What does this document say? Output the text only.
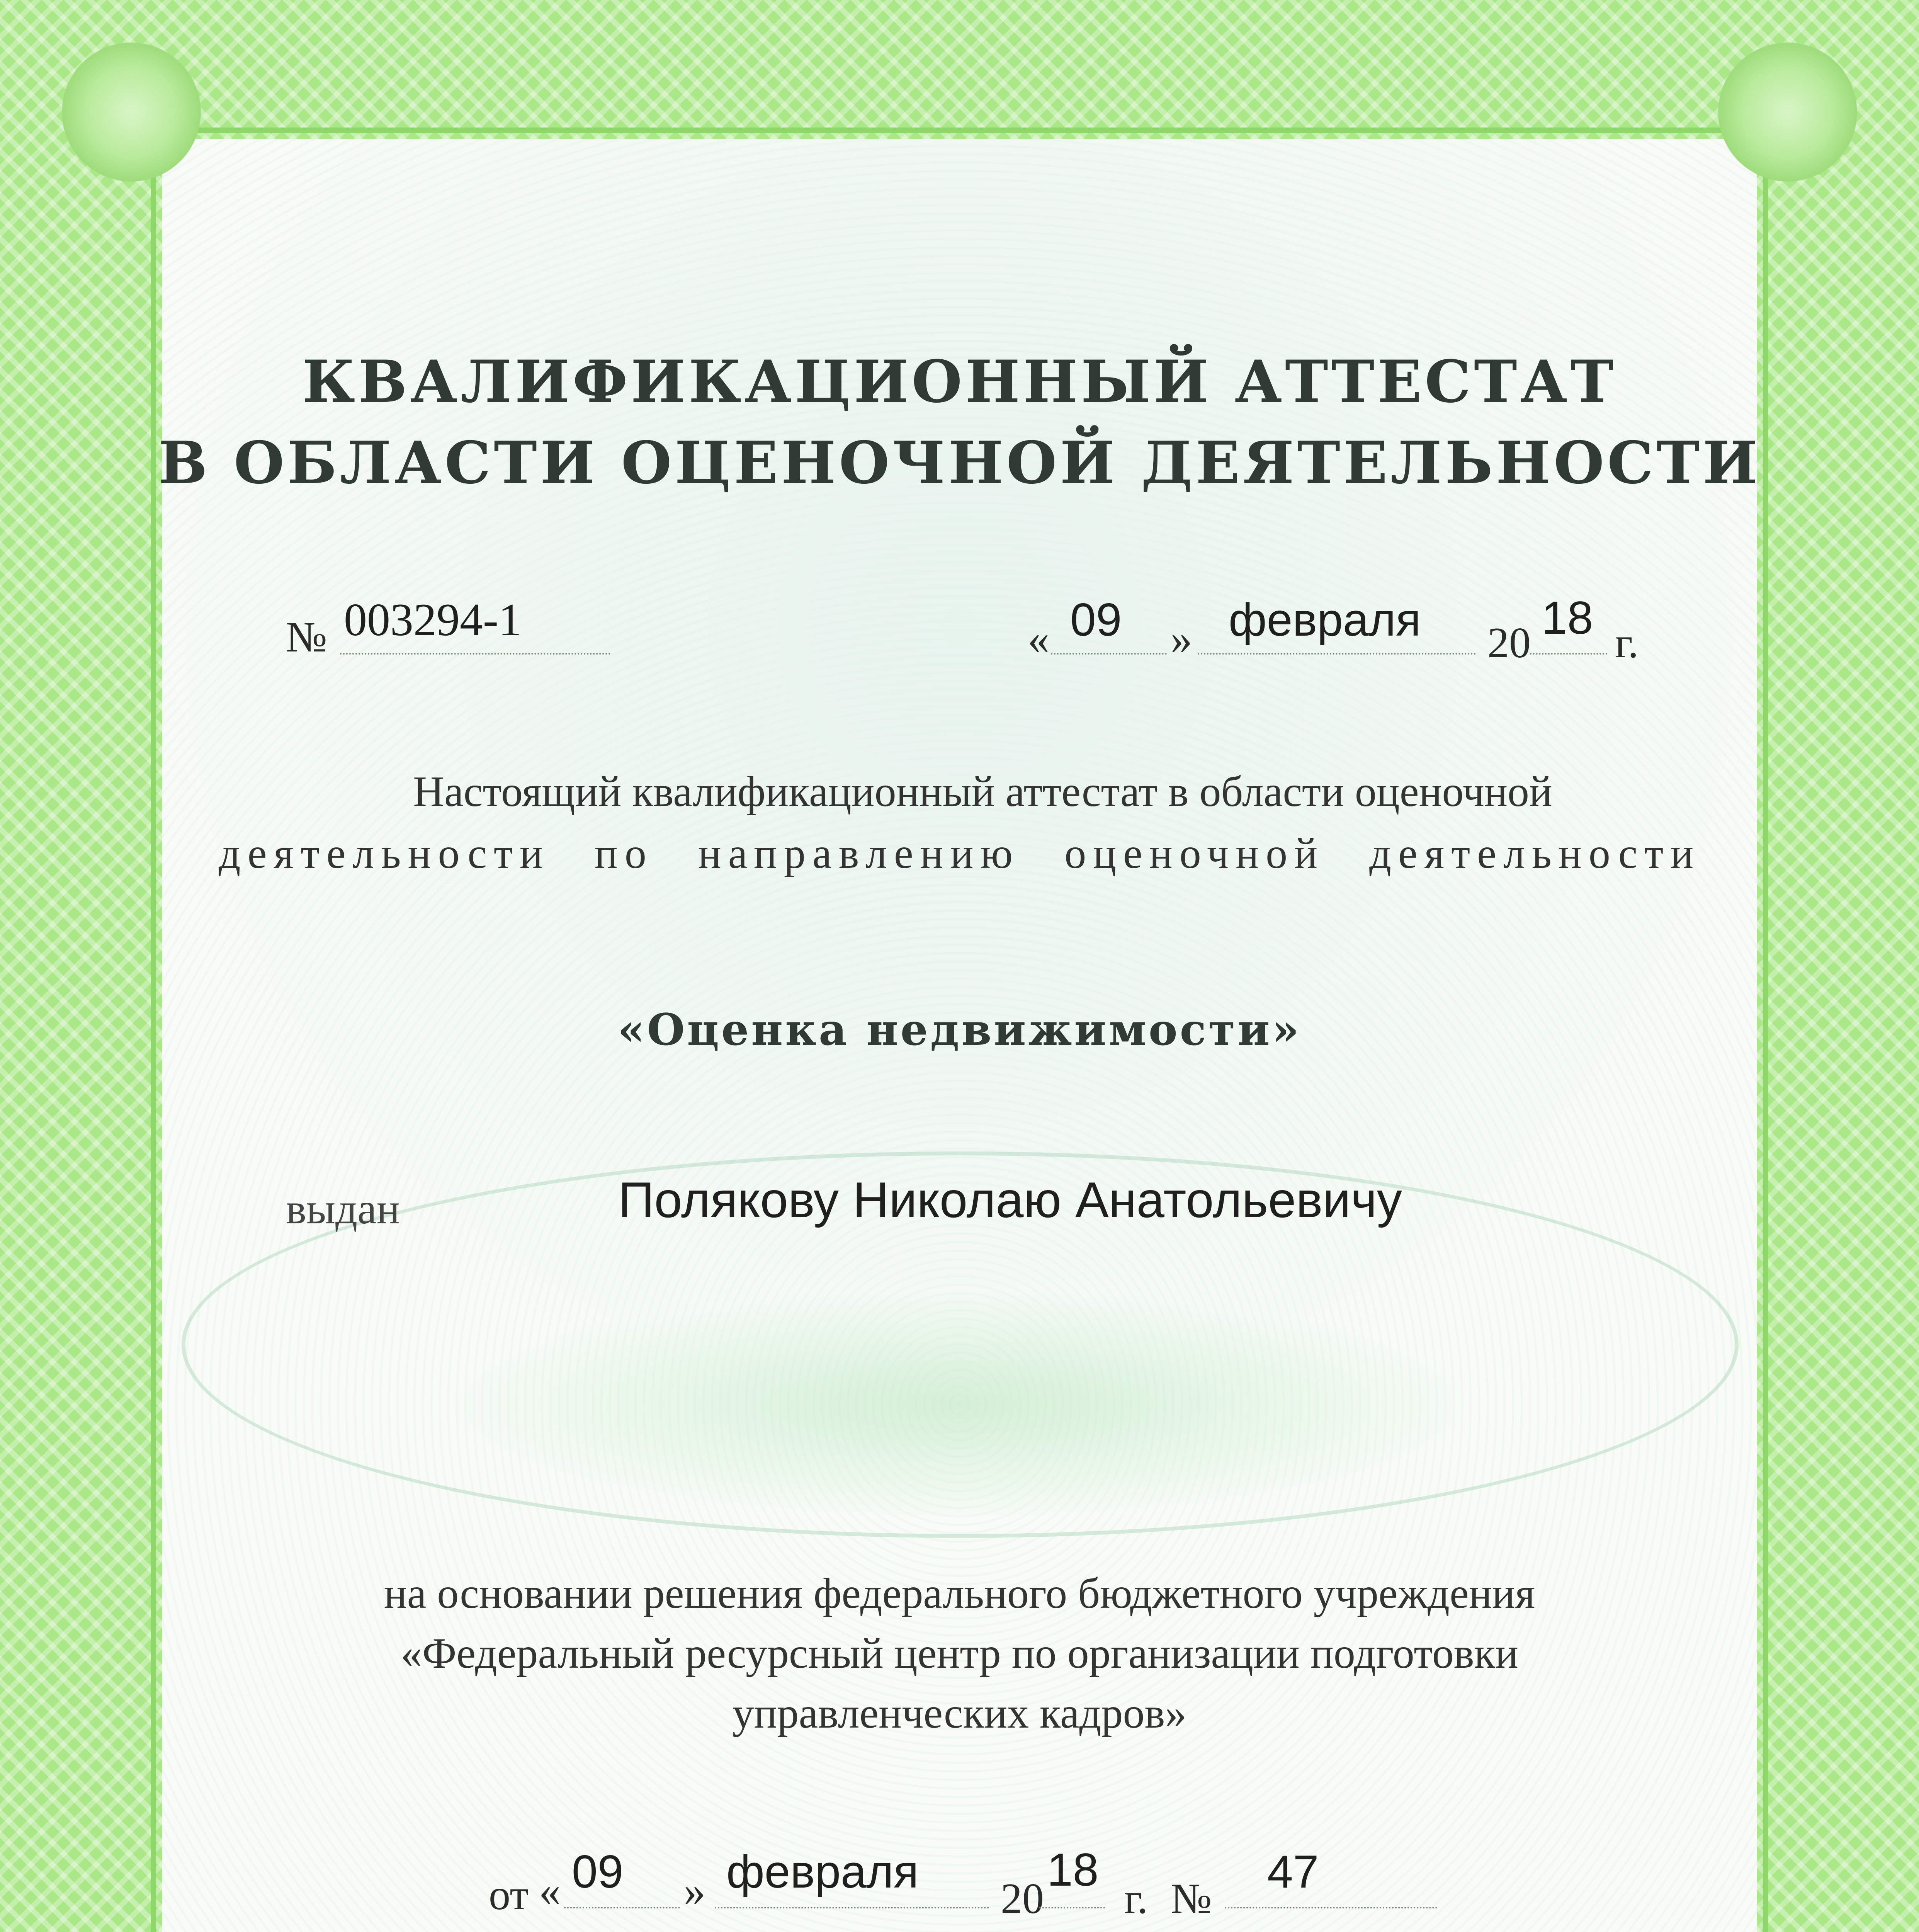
КВАЛИФИКАЦИОННЫЙ АТТЕСТАТ
В ОБЛАСТИ ОЦЕНОЧНОЙ ДЕЯТЕЛЬНОСТИ
№ 003294-1	« 09 » февраля 20 18 г.
Настоящий квалификационный аттестат в области оценочной
деятельности по направлению оценочной деятельности
«Оценка недвижимости»
выдан	Полякову Николаю Анатольевичу
на основании решения федерального бюджетного учреждения
«Федеральный ресурсный центр по организации подготовки
управленческих кадров»
от « 09 » февраля
20
18
г. №
47
